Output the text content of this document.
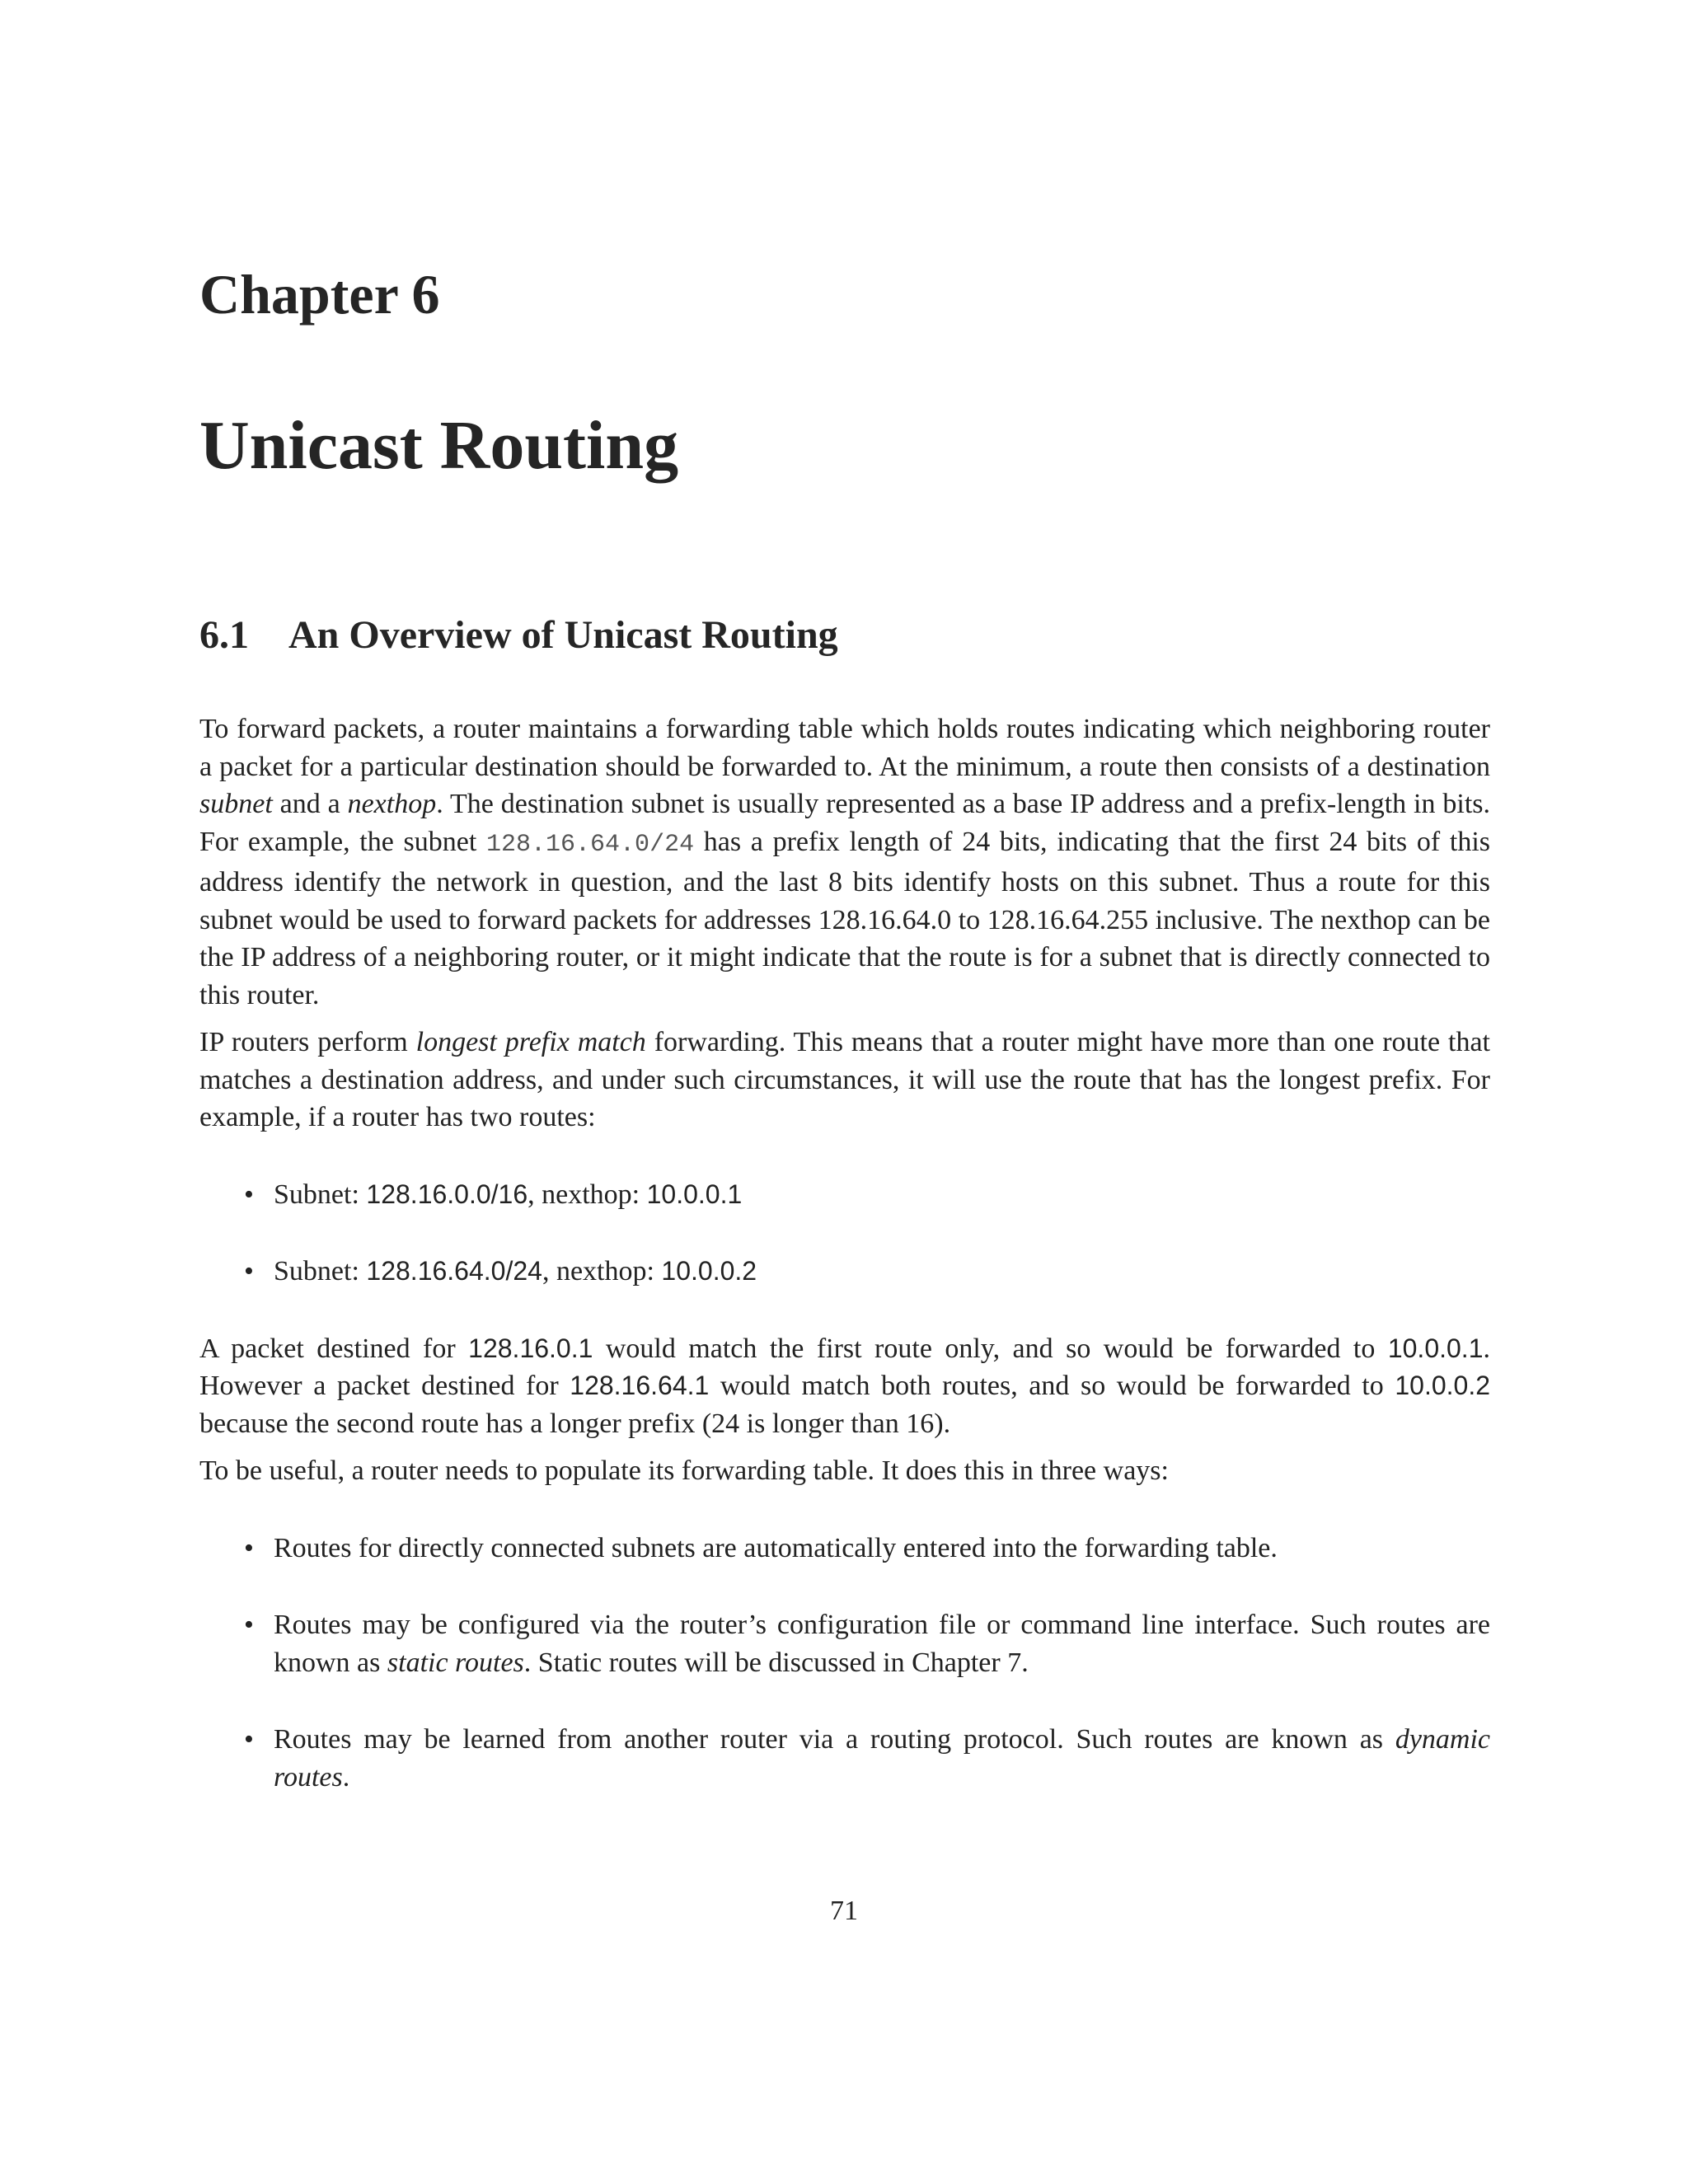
Chapter 6
Unicast Routing
6.1 An Overview of Unicast Routing

To forward packets, a router maintains a forwarding table which holds routes indicating which neighboring router a packet for a particular destination should be forwarded to. At the minimum, a route then consists of a destination subnet and a nexthop. The destination subnet is usually represented as a base IP address and a prefix-length in bits. For example, the subnet 128.16.64.0/24 has a prefix length of 24 bits, indicating that the first 24 bits of this address identify the network in question, and the last 8 bits identify hosts on this subnet. Thus a route for this subnet would be used to forward packets for addresses 128.16.64.0 to 128.16.64.255 inclusive. The nexthop can be the IP address of a neighboring router, or it might indicate that the route is for a subnet that is directly connected to this router.

IP routers perform longest prefix match forwarding. This means that a router might have more than one route that matches a destination address, and under such circumstances, it will use the route that has the longest prefix. For example, if a router has two routes:

• Subnet: 128.16.0.0/16, nexthop: 10.0.0.1
• Subnet: 128.16.64.0/24, nexthop: 10.0.0.2

A packet destined for 128.16.0.1 would match the first route only, and so would be forwarded to 10.0.0.1. However a packet destined for 128.16.64.1 would match both routes, and so would be forwarded to 10.0.0.2 because the second route has a longer prefix (24 is longer than 16).

To be useful, a router needs to populate its forwarding table. It does this in three ways:

• Routes for directly connected subnets are automatically entered into the forwarding table.
• Routes may be configured via the router’s configuration file or command line interface. Such routes are known as static routes. Static routes will be discussed in Chapter 7.
• Routes may be learned from another router via a routing protocol. Such routes are known as dynamic routes.
71
